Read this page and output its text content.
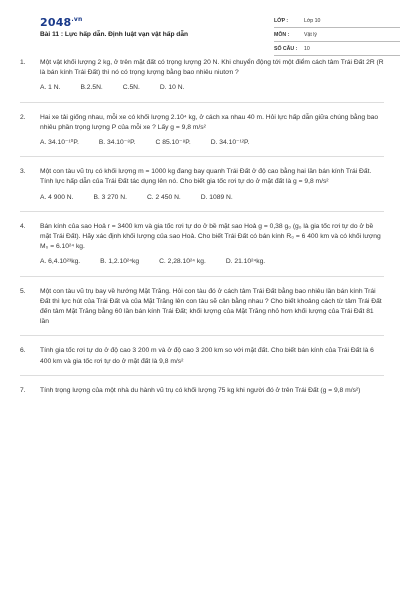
$2048^{.vn}$
Bài 11 : Lực hấp dẫn. Định luật vạn vật hấp dẫn
LỚP :	Lớp 10
MÔN :	Vật lý
SỐ CÂU :	10
1.	Một vật khối lượng 2 kg, ở trên mặt đất có trọng lượng 20 N. Khi chuyển động tới một điểm cách tâm Trái Đất 2R (R là bán kính Trái Đất) thì nó có trọng lượng bằng bao nhiêu niutơn ?

A. 1 N.	B.2.5N.	C.5N.	D. 10 N.
2.	Hai xe tải giống nhau, mỗi xe có khối lượng 2.10⁴ kg, ở cách xa nhau 40 m. Hỏi lực hấp dẫn giữa chúng bằng bao nhiêu phần trọng lượng P của mỗi xe ? Lấy g = 9,8 m/s²

A. 34.10⁻¹⁰P.	B. 34.10⁻⁸P.	C 85.10⁻⁸P.	D. 34.10⁻¹²P.
3.	Một con tàu vũ trụ có khối lượng m = 1000 kg đang bay quanh Trái Đất ở độ cao bằng hai lần bán kính Trái Đất. Tính lực hấp dẫn của Trái Đất tác dụng lên nó. Cho biết gia tốc rơi tự do ở mặt đất là g = 9,8 m/s²

A. 4 900 N.	B. 3 270 N.	C. 2 450 N.	D. 1089 N.
4.	Bán kính của sao Hoả r = 3400 km và gia tốc rơi tự do ở bề mặt sao Hoả g = 0,38 g₀ (g₀ là gia tốc rơi tự do ở bề mặt Trái Đất). Hãy xác định khối lượng của sao Hoả. Cho biết Trái Đất có bán kính R₀ = 6 400 km và có khối lượng M₀ = 6.10²⁴ kg.

A. 6,4.10²³kg.	B. 1,2.10²⁴kg	C. 2,28.10²⁴ kg.	D. 21.10²⁴kg.
5.	Một con tàu vũ trụ bay về hướng Mặt Trăng. Hỏi con tàu đó ở cách tâm Trái Đất bằng bao nhiêu lần bán kính Trái Đất thì lực hút của Trái Đất và của Mặt Trăng lên con tàu sẽ cân bằng nhau ? Cho biết khoảng cách từ tâm Trái Đất đến tâm Mặt Trăng bằng 60 lần bán kính Trái Đất; khối lượng của Mặt Trăng nhỏ hơn khối lượng của Trái Đất 81 lần

6.	Tính gia tốc rơi tự do ở độ cao 3 200 m và ở độ cao 3 200 km so với mặt đất. Cho biết bán kính của Trái Đất là 6 400 km và gia tốc rơi tự do ở mặt đất là 9,8 m/s²

7.	Tính trọng lượng của một nhà du hành vũ trụ có khối lượng 75 kg khi người đó ở trên Trái Đất (g = 9,8 m/s²)
